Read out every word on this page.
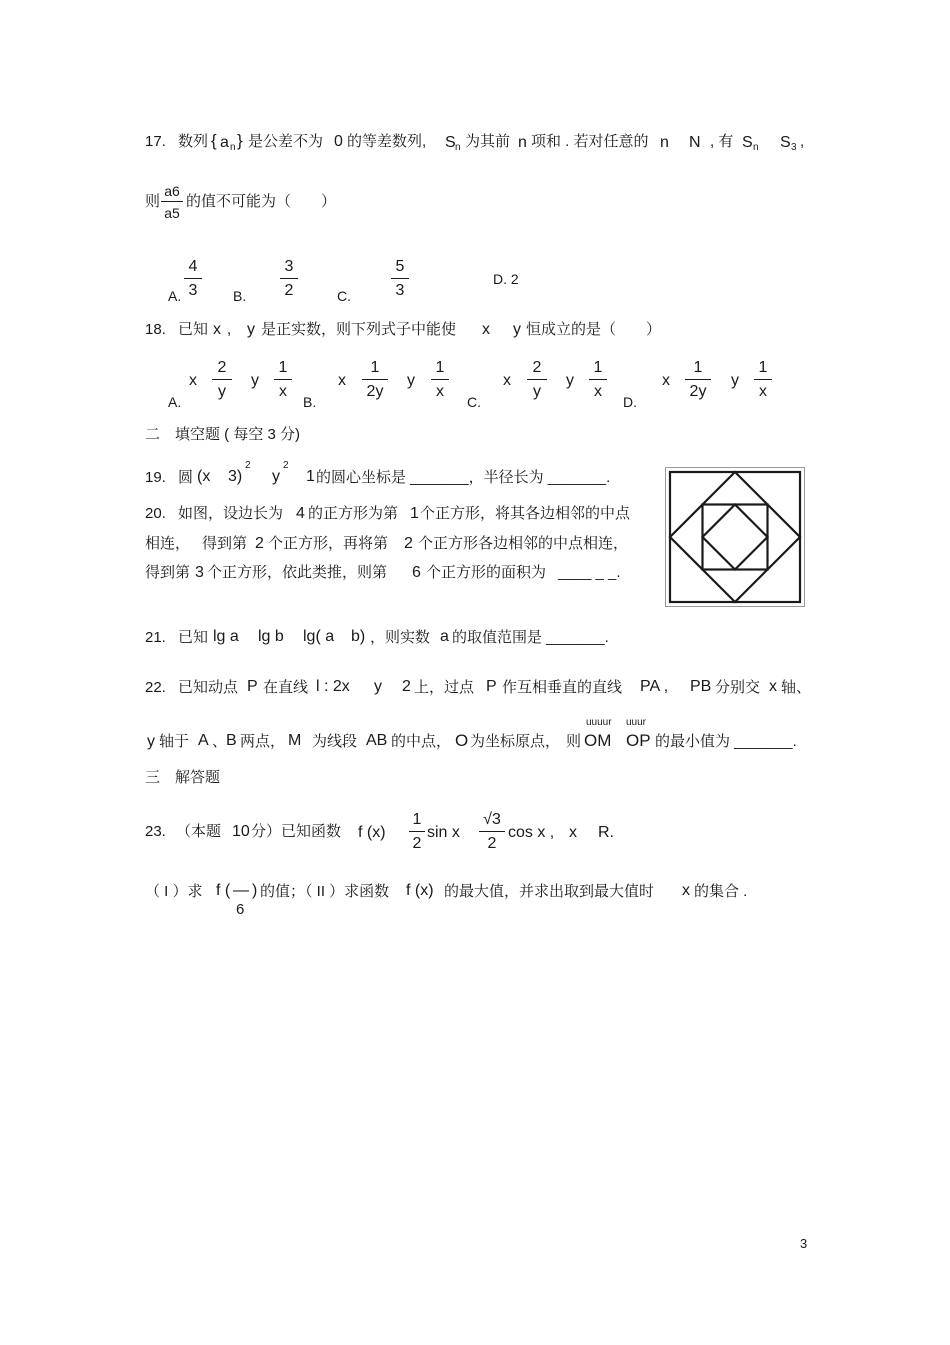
17. 数列 { a n } 是公差不为 0 的等差数列, S n 为其前 n 项和 . 若对任意的 n N , 有 S n S 3 ,
则
a6
a5
的值不可能为（　　）
A.
4
3	B.
3
2	C.
5
3
D. 2
18. 已知 x , y 是正实数，则下列式子中能使 x y 恒成立的是（　　）
A.
x
2
y
y
1
x
B.
x
1
2y
y
1
x
C.
x
2
y
y
1
x
D.
x
1
2y
y
1
x
二　填空题 ( 每空 3 分)
19. 圆 (x 3)
2
y
2
1 的圆心坐标是 _______，半径长为 _______.
20. 如图，设边长为 4 的正方形为第 1 个正方形，将其各边相邻的中点
相连， 得到第 2 个正方形，再将第 2 个正方形各边相邻的中点相连，
得到第 3 个正方形，依此类推，则第 6 个正方形的面积为 ____ _ _.
21. 已知 lg a lg b lg( a b) ，则实数 a 的取值范围是 _______.
22. 已知动点 P 在直线 l : 2x y 2 上，过点 P 作互相垂直的直线 PA , PB 分别交 x 轴、
uuuur uuur
y 轴于 A 、
B 两点， M 为线段 AB 的中点， O 为坐标原点， 则 OM OP 的最小值为 _______.
三　解答题
23. （本题 10 分）已知函数 f (x)
1
2
sin x
√3
2
cos x , x R.
（ I ）求 f ( —
6
) 的值；（ II ）求函数 f (x) 的最大值，并求出取到最大值时 x 的集合 .
3
